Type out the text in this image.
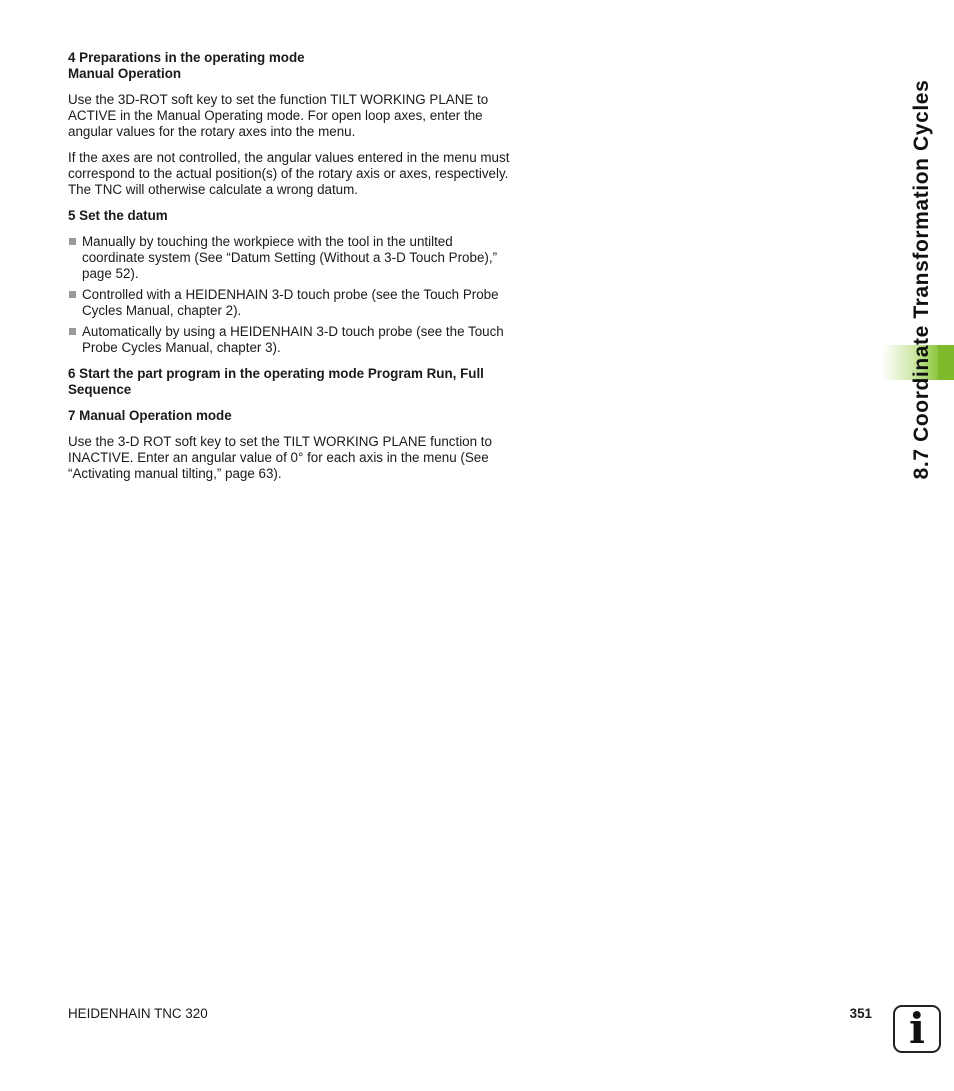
4 Preparations in the operating mode
Manual Operation

Use the 3D-ROT soft key to set the function TILT WORKING PLANE to ACTIVE in the Manual Operating mode. For open loop axes, enter the angular values for the rotary axes into the menu.

If the axes are not controlled, the angular values entered in the menu must correspond to the actual position(s) of the rotary axis or axes, respectively. The TNC will otherwise calculate a wrong datum.

5 Set the datum
Manually by touching the workpiece with the tool in the untilted coordinate system (See “Datum Setting (Without a 3-D Touch Probe),” page 52).
Controlled with a HEIDENHAIN 3-D touch probe (see the Touch Probe Cycles Manual, chapter 2).
Automatically by using a HEIDENHAIN 3-D touch probe (see the Touch Probe Cycles Manual, chapter 3).
6 Start the part program in the operating mode Program Run, Full Sequence
7 Manual Operation mode

Use the 3-D ROT soft key to set the TILT WORKING PLANE function to INACTIVE. Enter an angular value of 0° for each axis in the menu (See “Activating manual tilting,” page 63).	8.7 Coordinate Transformation Cycles
HEIDENHAIN TNC 320	351 i
